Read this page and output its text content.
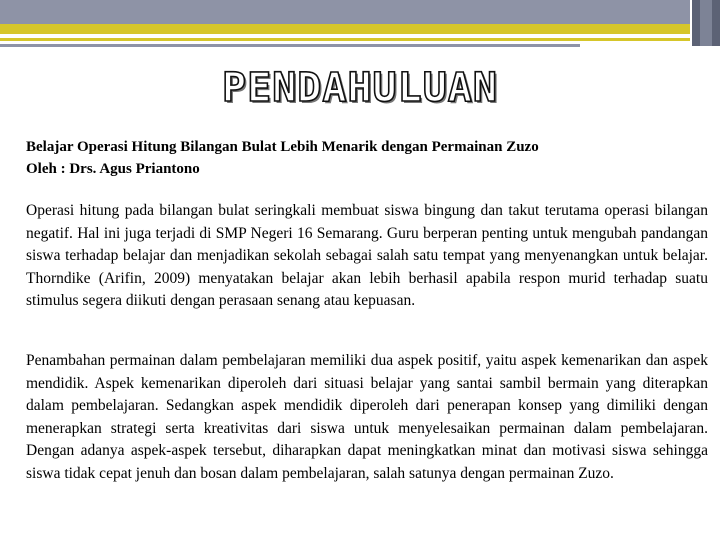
PENDAHULUAN
Belajar Operasi Hitung Bilangan Bulat Lebih Menarik dengan Permainan Zuzo
Oleh : Drs. Agus Priantono

Operasi hitung pada bilangan bulat seringkali membuat siswa bingung dan takut terutama operasi bilangan negatif. Hal ini juga terjadi di SMP Negeri 16 Semarang. Guru berperan penting untuk mengubah pandangan siswa terhadap belajar dan menjadikan sekolah sebagai salah satu tempat yang menyenangkan untuk belajar. Thorndike (Arifin, 2009) menyatakan belajar akan lebih berhasil apabila respon murid terhadap suatu stimulus segera diikuti dengan perasaan senang atau kepuasan.

Penambahan permainan dalam pembelajaran memiliki dua aspek positif, yaitu aspek kemenarikan dan aspek mendidik. Aspek kemenarikan diperoleh dari situasi belajar yang santai sambil bermain yang diterapkan dalam pembelajaran. Sedangkan aspek mendidik diperoleh dari penerapan konsep yang dimiliki dengan menerapkan strategi serta kreativitas dari siswa untuk menyelesaikan permainan dalam pembelajaran. Dengan adanya aspek-aspek tersebut, diharapkan dapat meningkatkan minat dan motivasi siswa sehingga siswa tidak cepat jenuh dan bosan dalam pembelajaran, salah satunya dengan permainan Zuzo.
